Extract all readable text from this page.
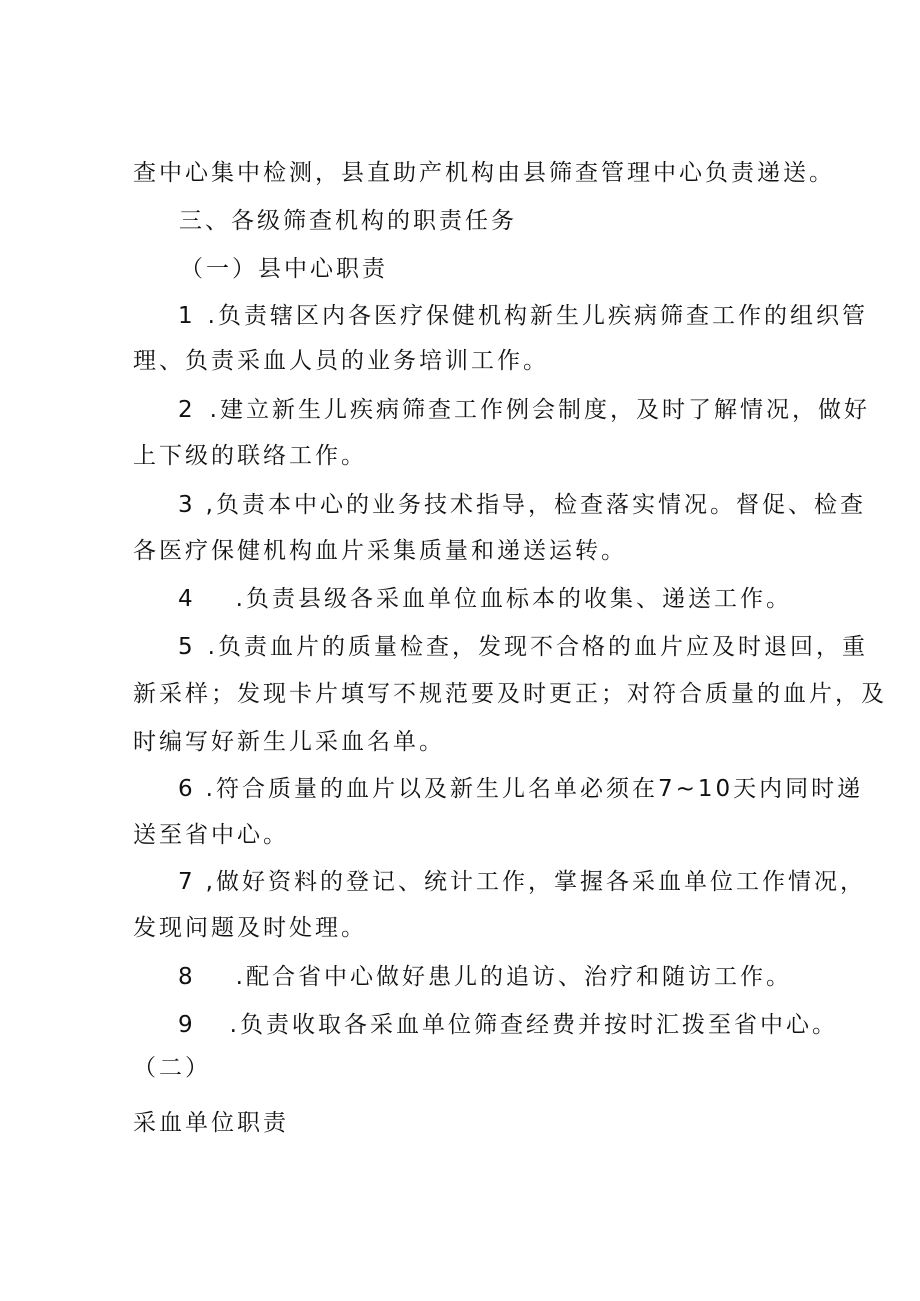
查中心集中检测，县直助产机构由县筛查管理中心负责递送。
三、各级筛查机构的职责任务
（一）县中心职责
1 .负责辖区内各医疗保健机构新生儿疾病筛查工作的组织管
理、负责采血人员的业务培训工作。
2 .建立新生儿疾病筛查工作例会制度，及时了解情况，做好
上下级的联络工作。
3 ,负责本中心的业务技术指导，检查落实情况。督促、检查
各医疗保健机构血片采集质量和递送运转。
4 .负责县级各采血单位血标本的收集、递送工作。
5 .负责血片的质量检查，发现不合格的血片应及时退回，重
新采样；发现卡片填写不规范要及时更正；对符合质量的血片，及
时编写好新生儿采血名单。
6 .符合质量的血片以及新生儿名单必须在7~10天内同时递
送至省中心。
7 ,做好资料的登记、统计工作，掌握各采血单位工作情况，
发现问题及时处理。
8 .配合省中心做好患儿的追访、治疗和随访工作。
9 .负责收取各采血单位筛查经费并按时汇拨至省中心。
（二）
采血单位职责
